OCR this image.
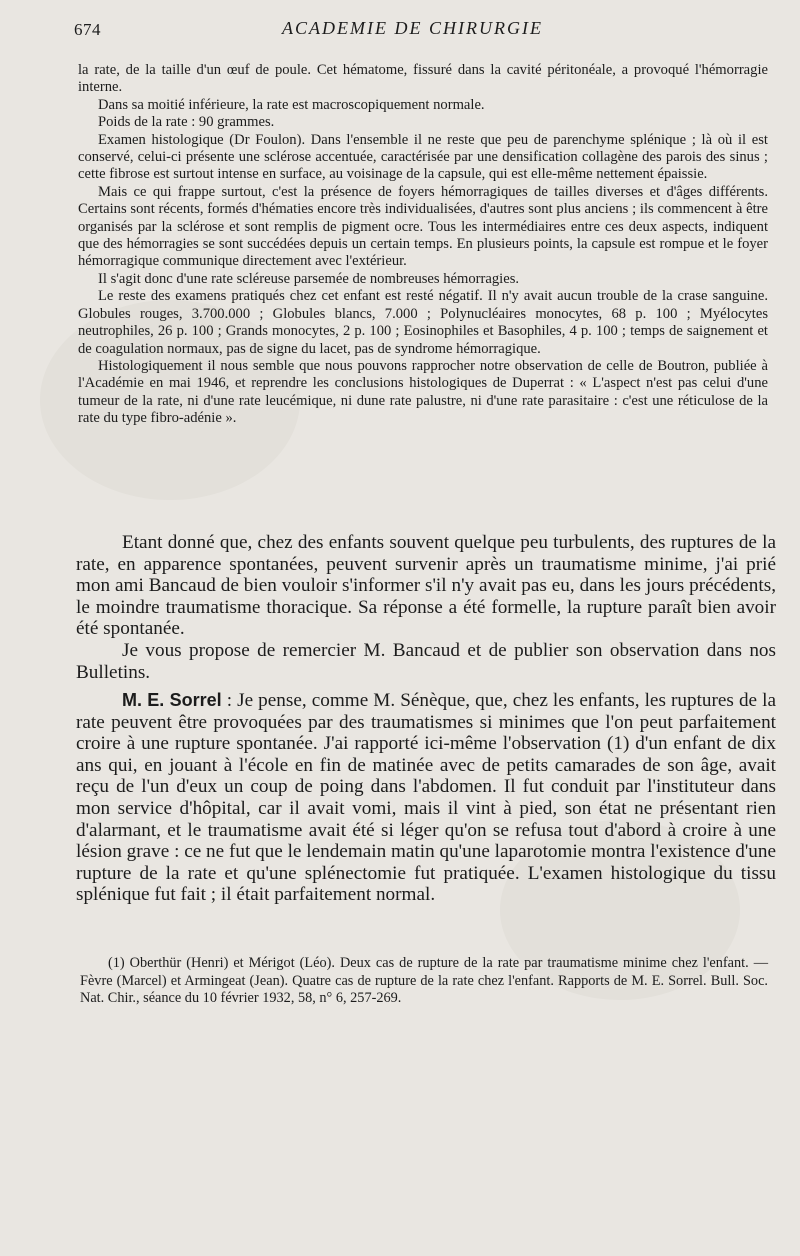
674	ACADEMIE DE CHIRURGIE

la rate, de la taille d'un œuf de poule. Cet hématome, fissuré dans la cavité péritonéale, a provoqué l'hémorragie interne.

Dans sa moitié inférieure, la rate est macroscopiquement normale.

Poids de la rate : 90 grammes.

Examen histologique (Dr Foulon). Dans l'ensemble il ne reste que peu de parenchyme splénique ; là où il est conservé, celui-ci présente une sclérose accentuée, caractérisée par une densification collagène des parois des sinus ; cette fibrose est surtout intense en surface, au voisinage de la capsule, qui est elle-même nettement épaissie.

Mais ce qui frappe surtout, c'est la présence de foyers hémorragiques de tailles diverses et d'âges différents. Certains sont récents, formés d'hématies encore très individualisées, d'autres sont plus anciens ; ils commencent à être organisés par la sclérose et sont remplis de pigment ocre. Tous les intermédiaires entre ces deux aspects, indiquent que des hémorragies se sont succédées depuis un certain temps. En plusieurs points, la capsule est rompue et le foyer hémorragique communique directement avec l'extérieur.

Il s'agit donc d'une rate scléreuse parsemée de nombreuses hémorragies.

Le reste des examens pratiqués chez cet enfant est resté négatif. Il n'y avait aucun trouble de la crase sanguine. Globules rouges, 3.700.000 ; Globules blancs, 7.000 ; Polynucléaires monocytes, 68 p. 100 ; Myélocytes neutrophiles, 26 p. 100 ; Grands monocytes, 2 p. 100 ; Eosinophiles et Basophiles, 4 p. 100 ; temps de saignement et de coagulation normaux, pas de signe du lacet, pas de syndrome hémorragique.

Histologiquement il nous semble que nous pouvons rapprocher notre observation de celle de Boutron, publiée à l'Académie en mai 1946, et reprendre les conclusions histologiques de Duperrat : « L'aspect n'est pas celui d'une tumeur de la rate, ni d'une rate leucémique, ni dune rate palustre, ni d'une rate parasitaire : c'est une réticulose de la rate du type fibro-adénie ».

Etant donné que, chez des enfants souvent quelque peu turbulents, des ruptures de la rate, en apparence spontanées, peuvent survenir après un traumatisme minime, j'ai prié mon ami Bancaud de bien vouloir s'informer s'il n'y avait pas eu, dans les jours précédents, le moindre traumatisme thoracique. Sa réponse a été formelle, la rupture paraît bien avoir été spontanée.

Je vous propose de remercier M. Bancaud et de publier son observation dans nos Bulletins.

M. E. Sorrel : Je pense, comme M. Sénèque, que, chez les enfants, les ruptures de la rate peuvent être provoquées par des traumatismes si minimes que l'on peut parfaitement croire à une rupture spontanée. J'ai rapporté ici-même l'observation (1) d'un enfant de dix ans qui, en jouant à l'école en fin de matinée avec de petits camarades de son âge, avait reçu de l'un d'eux un coup de poing dans l'abdomen. Il fut conduit par l'instituteur dans mon service d'hôpital, car il avait vomi, mais il vint à pied, son état ne présentant rien d'alarmant, et le traumatisme avait été si léger qu'on se refusa tout d'abord à croire à une lésion grave : ce ne fut que le lendemain matin qu'une laparotomie montra l'existence d'une rupture de la rate et qu'une splénectomie fut pratiquée. L'examen histologique du tissu splénique fut fait ; il était parfaitement normal.

(1) Oberthür (Henri) et Mérigot (Léo). Deux cas de rupture de la rate par traumatisme minime chez l'enfant. — Fèvre (Marcel) et Armingeat (Jean). Quatre cas de rupture de la rate chez l'enfant. Rapports de M. E. Sorrel. Bull. Soc. Nat. Chir., séance du 10 février 1932, 58, n° 6, 257-269.
